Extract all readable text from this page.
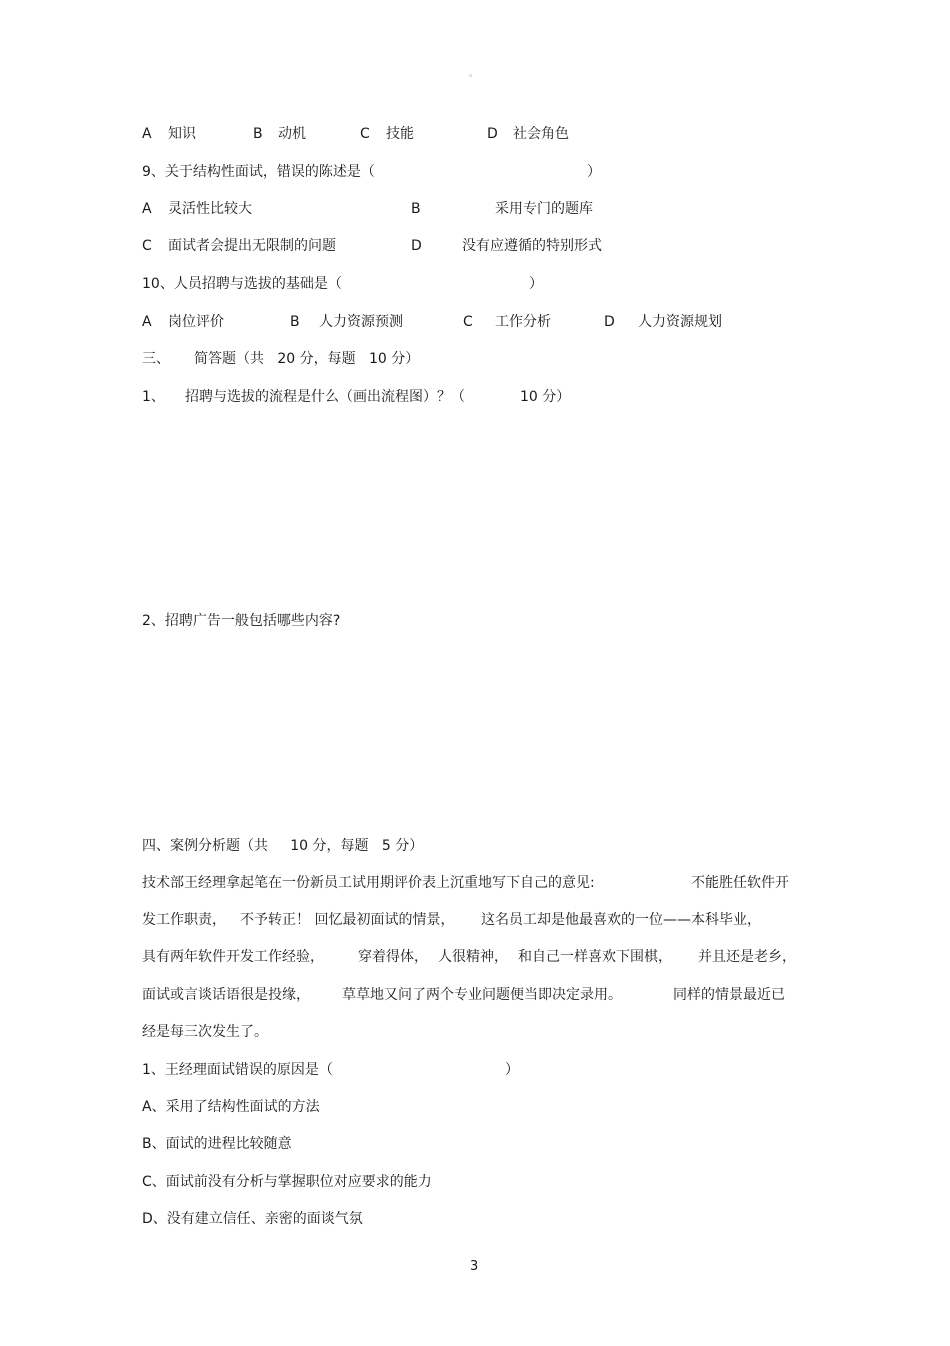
。
A 知识	B 动机	C 技能	D 社会角色
9、关于结构性面试，错误的陈述是（	）
A 灵活性比较大	B	采用专门的题库
C 面试者会提出无限制的问题	D	没有应遵循的特别形式
10、人员招聘与选拔的基础是（	）
A 岗位评价	B 人力资源预测	C 工作分析	D 人力资源规划
三、 简答题（共   20 分，每题   10 分）
1、 招聘与选拔的流程是什么（画出流程图）？（	10 分）
2、招聘广告一般包括哪些内容?
四、案例分析题（共     10 分，每题   5 分）
技术部王经理拿起笔在一份新员工试用期评价表上沉重地写下自己的意见:	不能胜任软件开
发工作职责， 不予转正！ 回忆最初面试的情景， 这名员工却是他最喜欢的一位——本科毕业，
具有两年软件开发工作经验， 穿着得体， 人很精神， 和自己一样喜欢下围棋， 并且还是老乡，
面试或言谈话语很是投缘， 草草地又问了两个专业问题便当即决定录用。	同样的情景最近已
经是每三次发生了。
1、王经理面试错误的原因是（	）
A、采用了结构性面试的方法
B、面试的进程比较随意
C、面试前没有分析与掌握职位对应要求的能力
D、没有建立信任、亲密的面谈气氛
3
